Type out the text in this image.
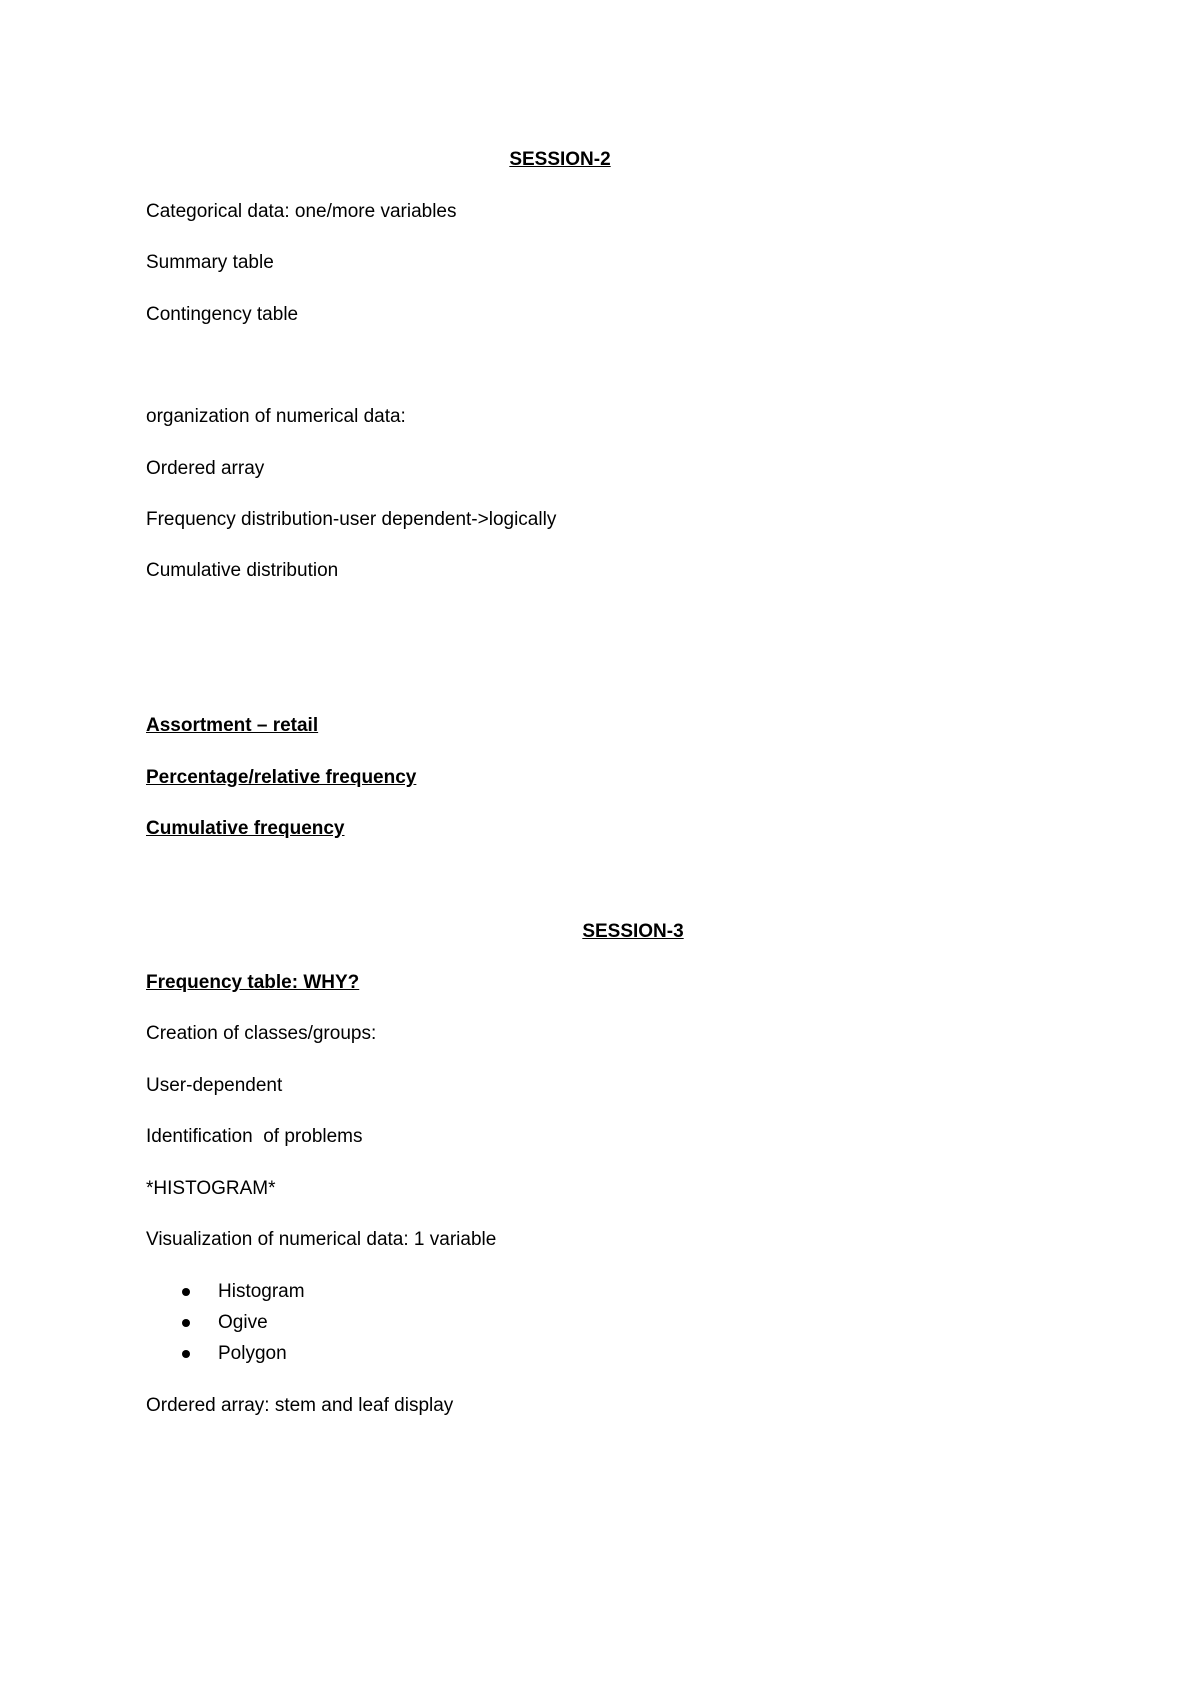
SESSION-2

Categorical data: one/more variables

Summary table

Contingency table

organization of numerical data:

Ordered array

Frequency distribution-user dependent->logically

Cumulative distribution

Assortment – retail

Percentage/relative frequency

Cumulative frequency

SESSION-3

Frequency table: WHY?

Creation of classes/groups:

User-dependent

Identification  of problems

*HISTOGRAM*

Visualization of numerical data: 1 variable

Histogram
Ogive
Polygon

Ordered array: stem and leaf display
